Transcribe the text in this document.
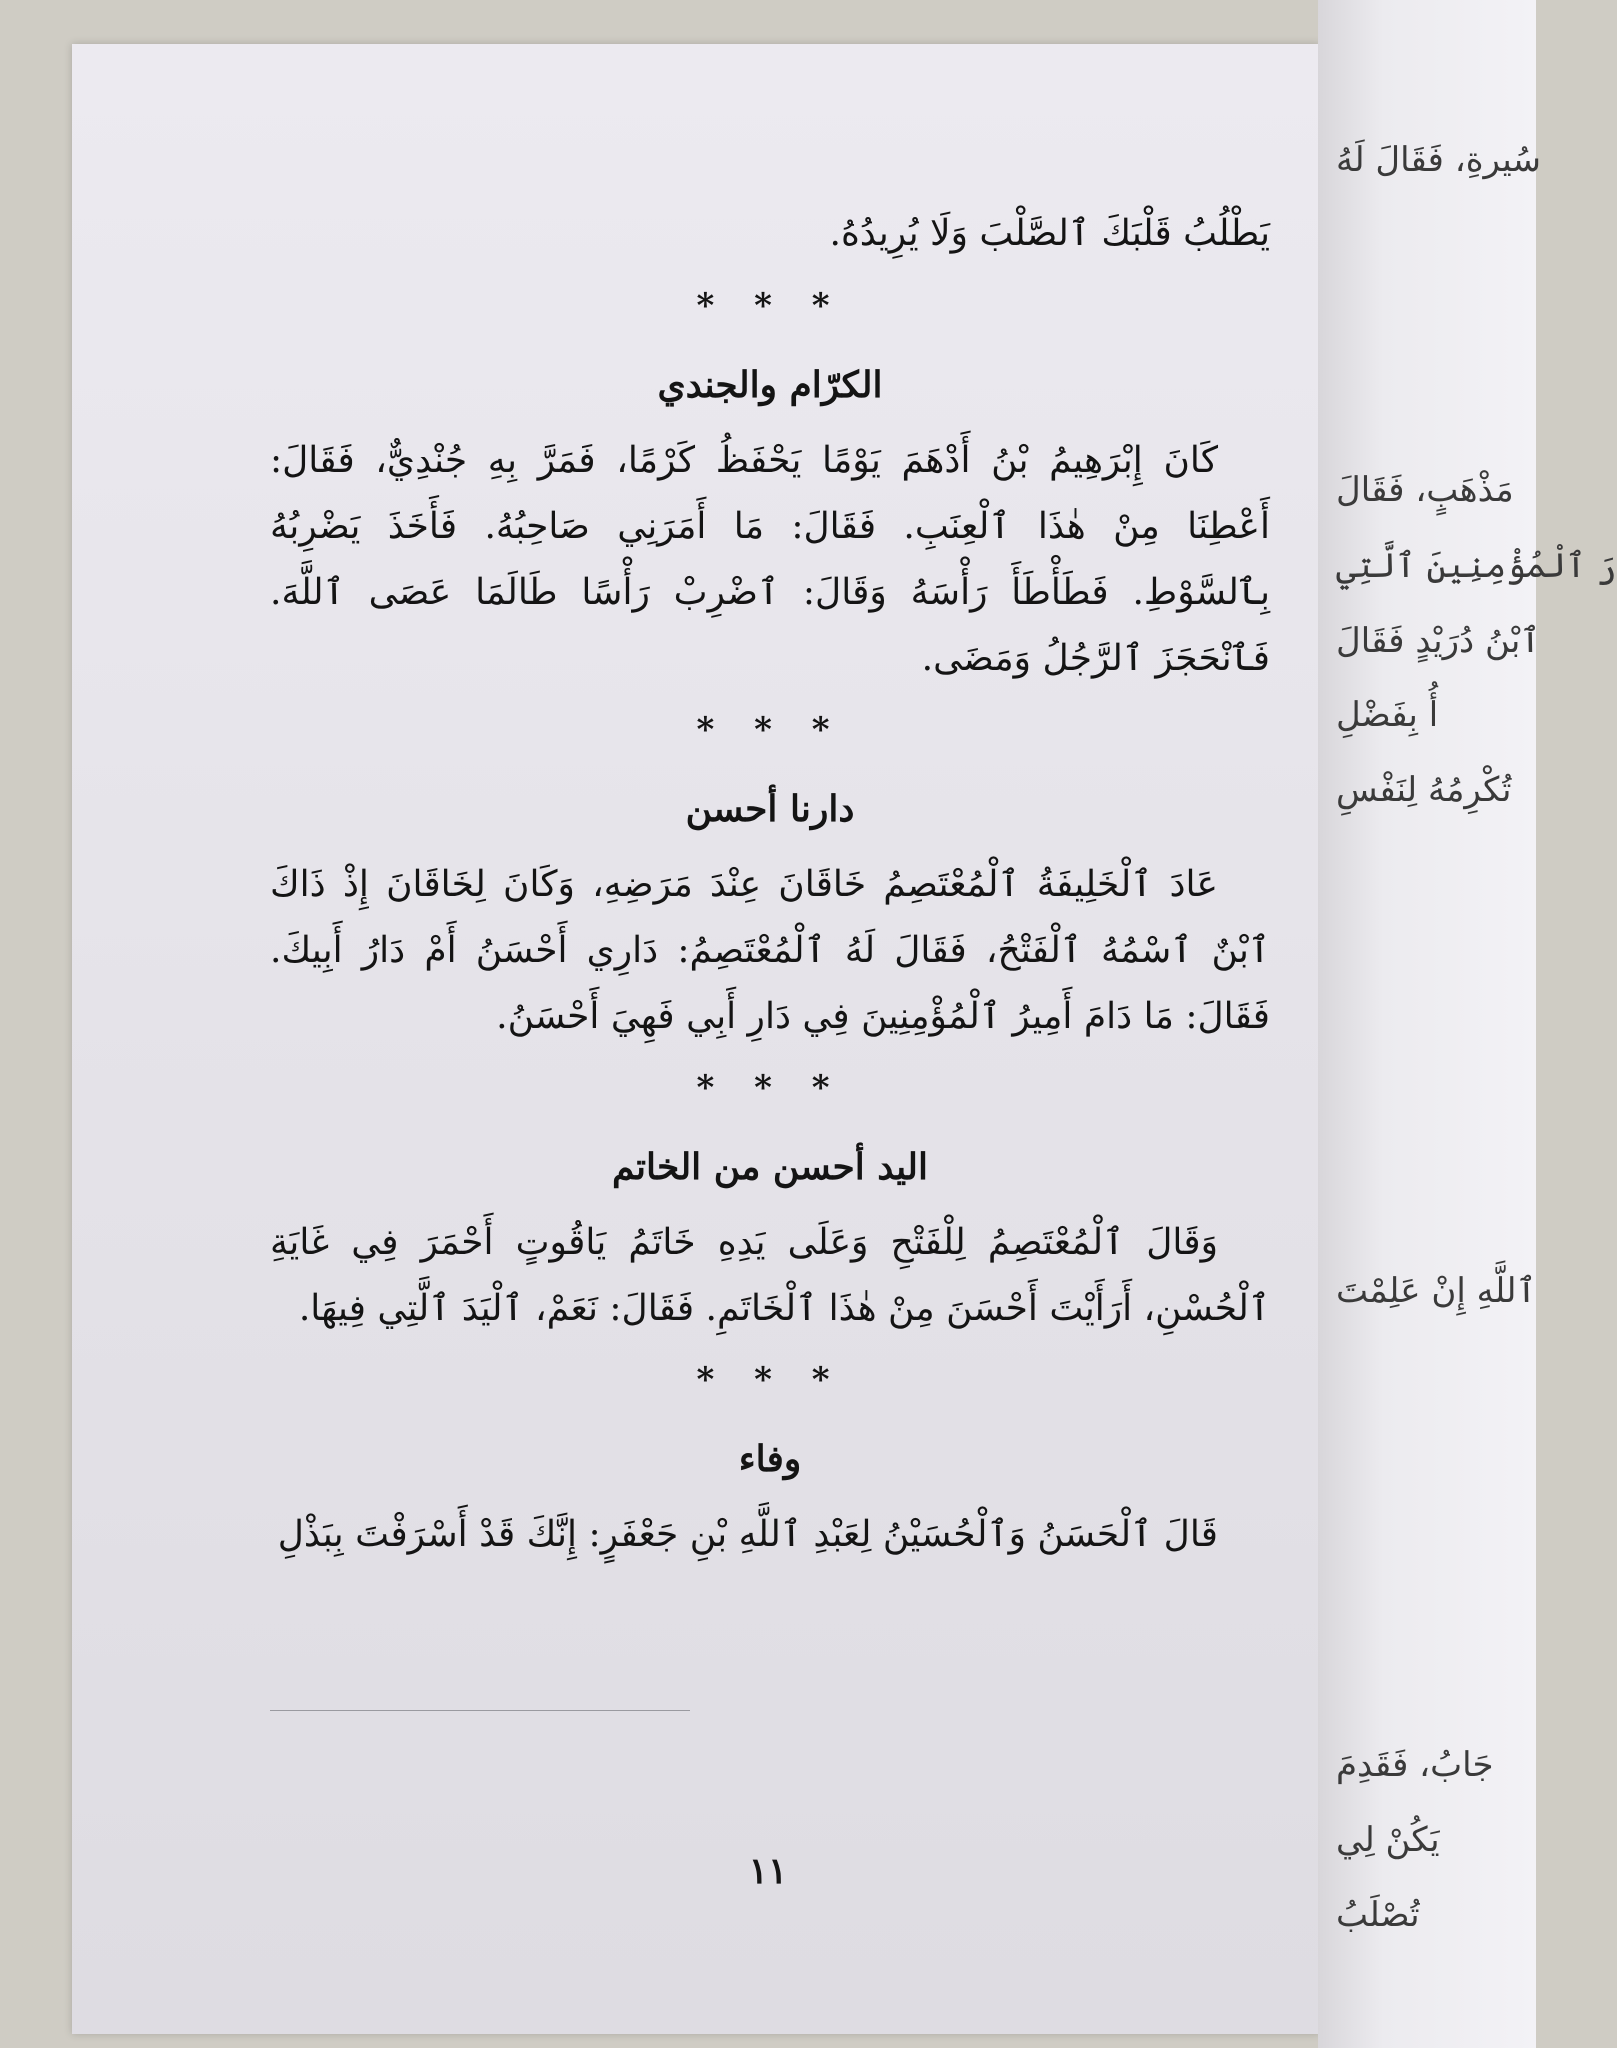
سُيرةِ، فَقَالَ لَهُ
مَذْهَبٍ، فَقَالَ
رَ ٱلْمُؤْمِنِينَ ٱلَّتِي
ٱبْنُ دُرَيْدٍ فَقَالَ
أُ بِفَضْلِ
تُكْرِمُهُ لِنَفْسِ
ٱللَّهِ إِنْ عَلِمْتَ
جَابُ، فَقَدِمَ
يَكُنْ لِي
تُصْلَبُ

يَطْلُبُ قَلْبَكَ ٱلصَّلْبَ وَلَا يُرِيدُهُ.

* * *
الكرّام والجندي

كَانَ إِبْرَهِيمُ بْنُ أَدْهَمَ يَوْمًا يَحْفَظُ كَرْمًا، فَمَرَّ بِهِ جُنْدِيٌّ، فَقَالَ: أَعْطِنَا مِنْ هٰذَا ٱلْعِنَبِ. فَقَالَ: مَا أَمَرَنِي صَاحِبُهُ. فَأَخَذَ يَضْرِبُهُ بِٱلسَّوْطِ. فَطَأْطَأَ رَأْسَهُ وَقَالَ: ٱضْرِبْ رَأْسًا طَالَمَا عَصَى ٱللَّهَ. فَٱنْحَجَزَ ٱلرَّجُلُ وَمَضَى.

* * *
دارنا أحسن

عَادَ ٱلْخَلِيفَةُ ٱلْمُعْتَصِمُ خَاقَانَ عِنْدَ مَرَضِهِ، وَكَانَ لِخَاقَانَ إِذْ ذَاكَ ٱبْنٌ ٱسْمُهُ ٱلْفَتْحُ، فَقَالَ لَهُ ٱلْمُعْتَصِمُ: دَارِي أَحْسَنُ أَمْ دَارُ أَبِيكَ. فَقَالَ: مَا دَامَ أَمِيرُ ٱلْمُؤْمِنِينَ فِي دَارِ أَبِي فَهِيَ أَحْسَنُ.

* * *
اليد أحسن من الخاتم

وَقَالَ ٱلْمُعْتَصِمُ لِلْفَتْحِ وَعَلَى يَدِهِ خَاتَمُ يَاقُوتٍ أَحْمَرَ فِي غَايَةِ ٱلْحُسْنِ، أَرَأَيْتَ أَحْسَنَ مِنْ هٰذَا ٱلْخَاتَمِ. فَقَالَ: نَعَمْ، ٱلْيَدَ ٱلَّتِي فِيهَا.

* * *
وفاء

قَالَ ٱلْحَسَنُ وَٱلْحُسَيْنُ لِعَبْدِ ٱللَّهِ بْنِ جَعْفَرٍ: إِنَّكَ قَدْ أَسْرَفْتَ بِبَذْلِ

١١
